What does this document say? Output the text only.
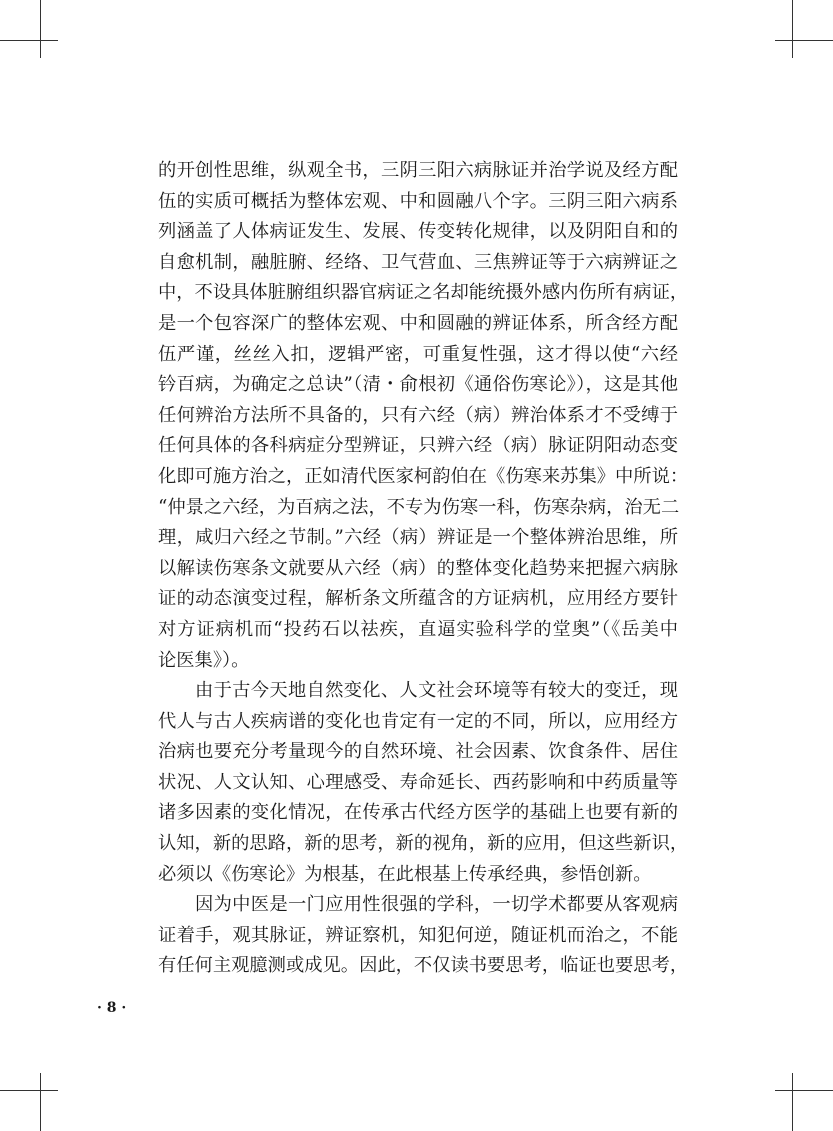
的开创性思维，纵观全书，三阴三阳六病脉证并治学说及经方配
伍的实质可概括为整体宏观、中和圆融八个字。三阴三阳六病系
列涵盖了人体病证发生、发展、传变转化规律，以及阴阳自和的
自愈机制，融脏腑、经络、卫气营血、三焦辨证等于六病辨证之
中，不设具体脏腑组织器官病证之名却能统摄外感内伤所有病证，
是一个包容深广的整体宏观、中和圆融的辨证体系，所含经方配
伍严谨，丝丝入扣，逻辑严密，可重复性强，这才得以使“六经
钤百病，为确定之总诀”（清・俞根初《通俗伤寒论》），这是其他
任何辨治方法所不具备的，只有六经（病）辨治体系才不受缚于
任何具体的各科病症分型辨证，只辨六经（病）脉证阴阳动态变
化即可施方治之，正如清代医家柯韵伯在《伤寒来苏集》中所说：
“仲景之六经，为百病之法，不专为伤寒一科，伤寒杂病，治无二
理，咸归六经之节制。”六经（病）辨证是一个整体辨治思维，所
以解读伤寒条文就要从六经（病）的整体变化趋势来把握六病脉
证的动态演变过程，解析条文所蕴含的方证病机，应用经方要针
对方证病机而“投药石以祛疾，直逼实验科学的堂奥”（《岳美中
论医集》）。
由于古今天地自然变化、人文社会环境等有较大的变迁，现
代人与古人疾病谱的变化也肯定有一定的不同，所以，应用经方
治病也要充分考量现今的自然环境、社会因素、饮食条件、居住
状况、人文认知、心理感受、寿命延长、西药影响和中药质量等
诸多因素的变化情况，在传承古代经方医学的基础上也要有新的
认知，新的思路，新的思考，新的视角，新的应用，但这些新识，
必须以《伤寒论》为根基，在此根基上传承经典，参悟创新。
因为中医是一门应用性很强的学科，一切学术都要从客观病
证着手，观其脉证，辨证察机，知犯何逆，随证机而治之，不能
有任何主观臆测或成见。因此，不仅读书要思考，临证也要思考，
· 8 ·
